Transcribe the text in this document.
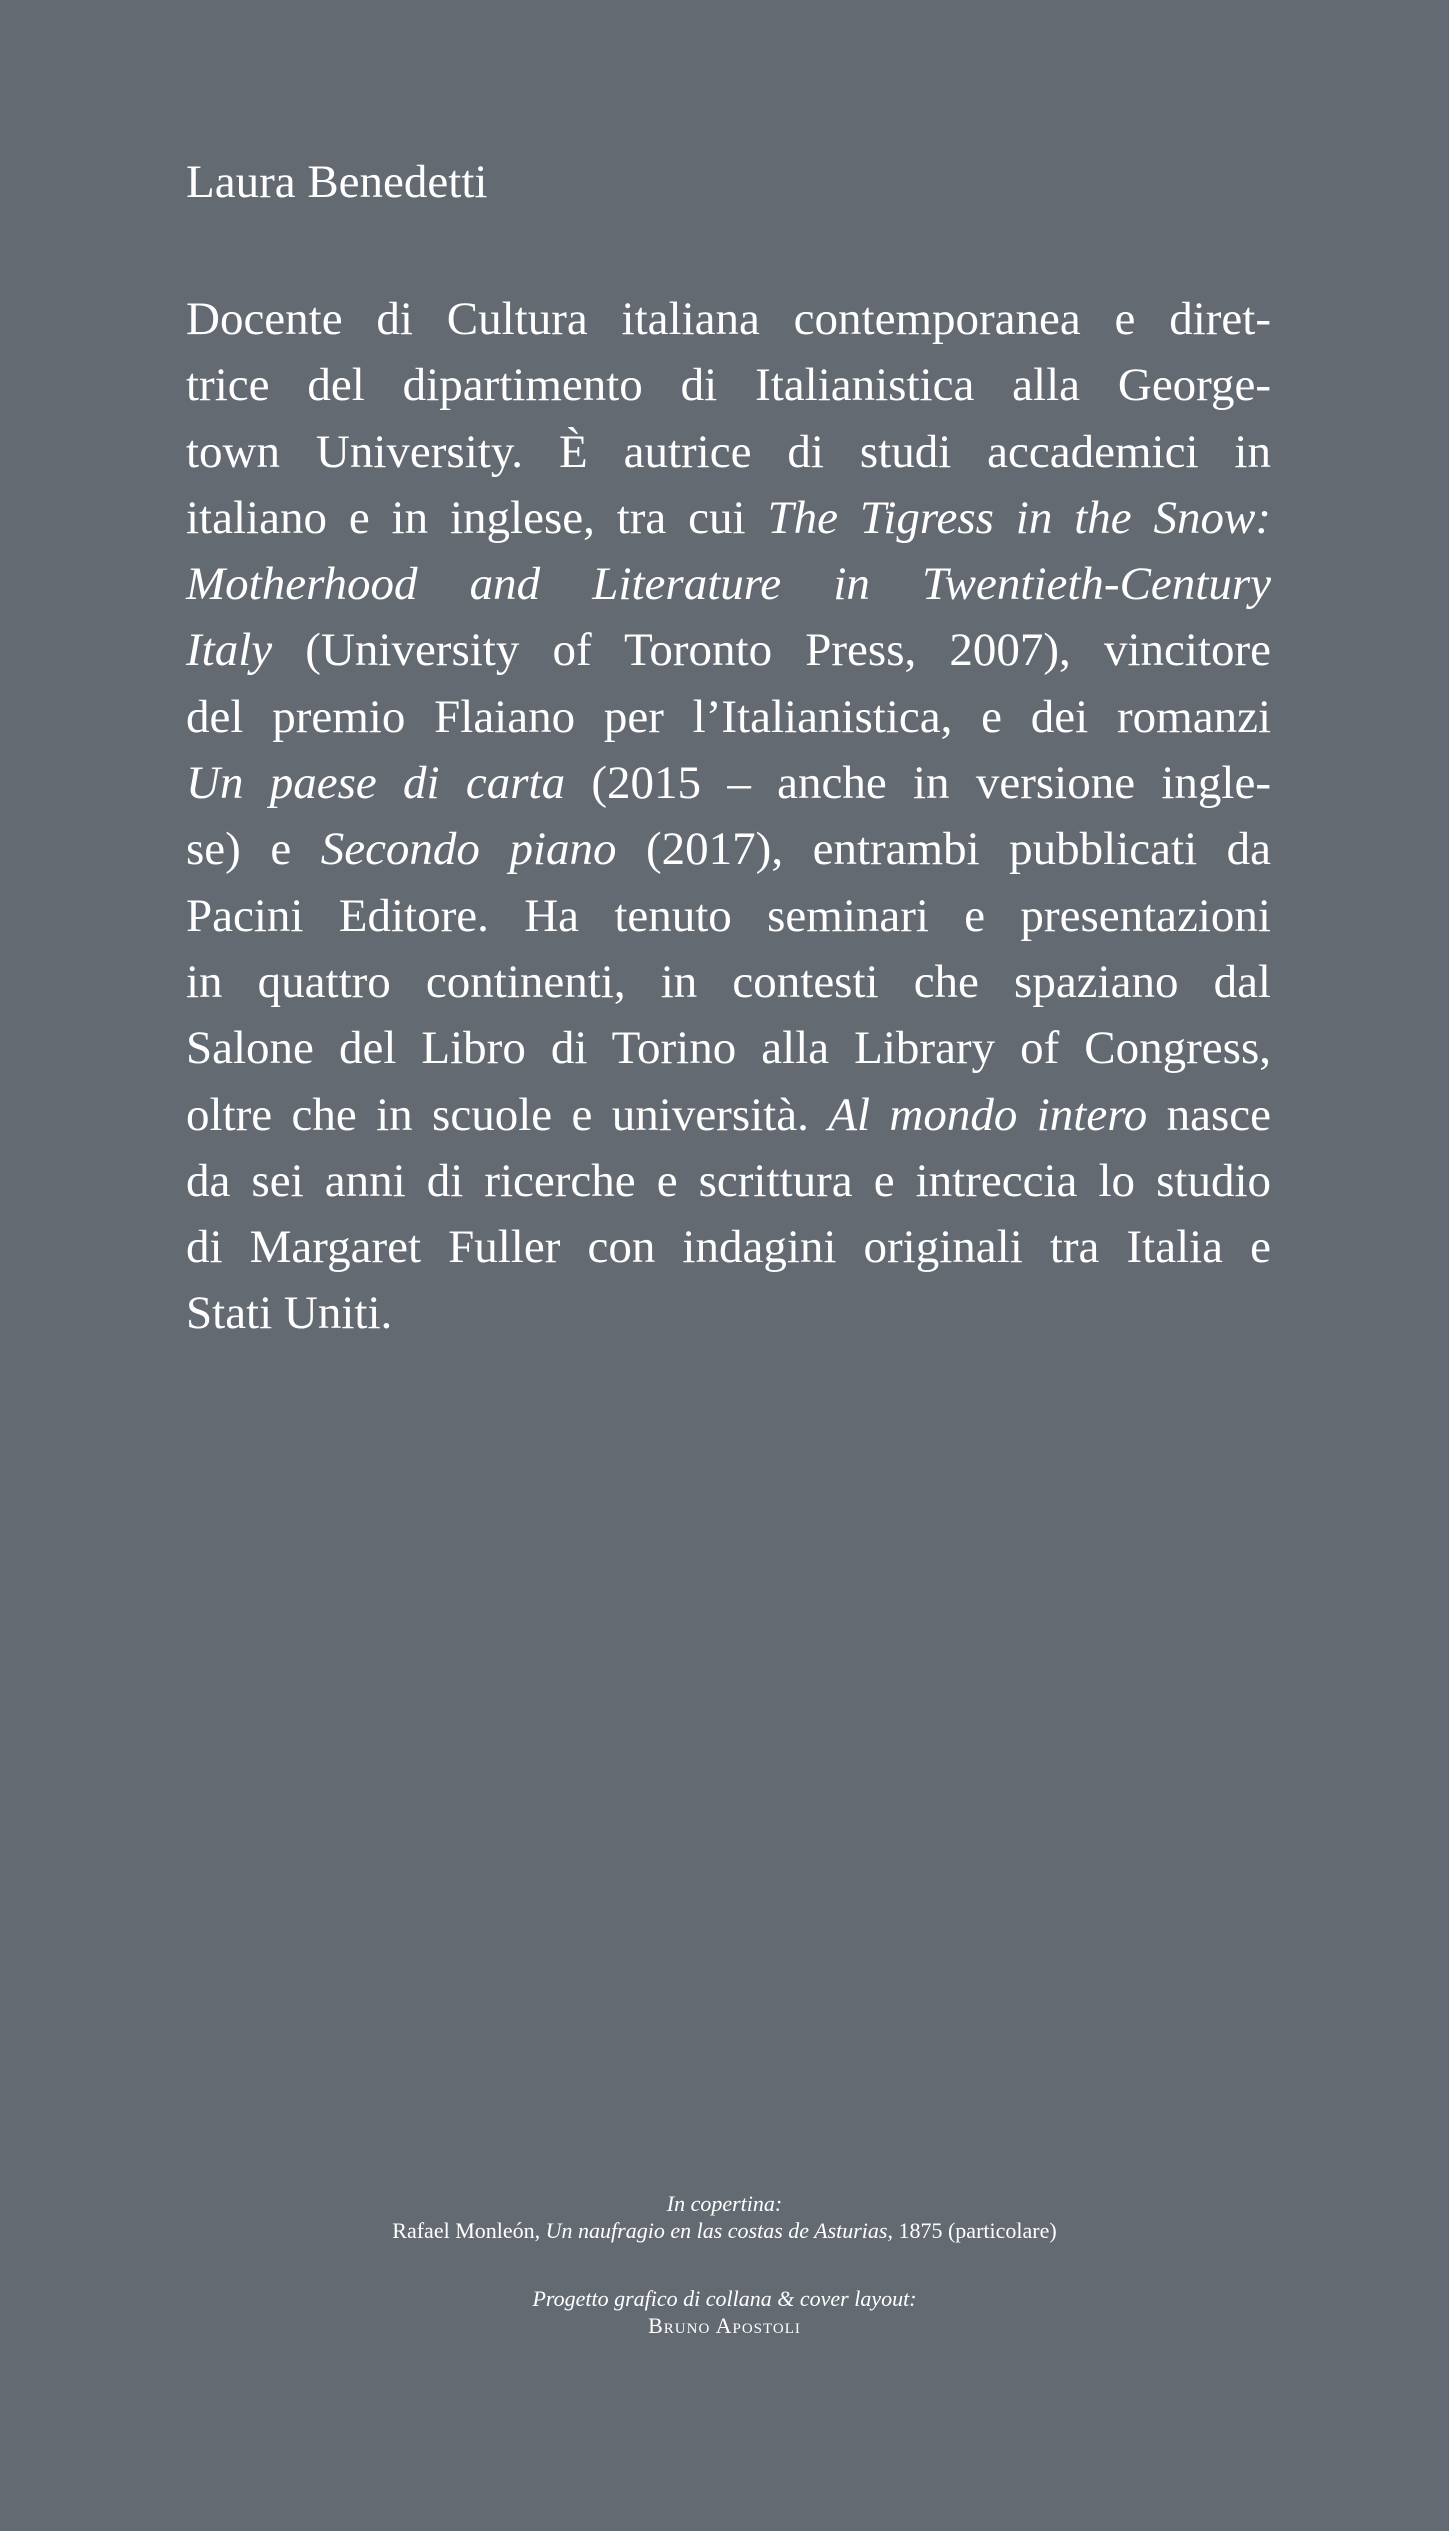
Laura Benedetti
Docente di Cultura italiana contemporanea e diret-
trice del dipartimento di Italianistica alla George-
town University. È autrice di studi accademici in
italiano e in inglese, tra cui The Tigress in the Snow:
Motherhood and Literature in Twentieth-Century
Italy (University of Toronto Press, 2007), vincitore
del premio Flaiano per l’Italianistica, e dei romanzi
Un paese di carta (2015 – anche in versione ingle-
se) e Secondo piano (2017), entrambi pubblicati da
Pacini Editore. Ha tenuto seminari e presentazioni
in quattro continenti, in contesti che spaziano dal
Salone del Libro di Torino alla Library of Congress,
oltre che in scuole e università. Al mondo intero nasce
da sei anni di ricerche e scrittura e intreccia lo studio
di Margaret Fuller con indagini originali tra Italia e
Stati Uniti.
In copertina:
Rafael Monleón, Un naufragio en las costas de Asturias, 1875 (particolare)
Progetto grafico di collana & cover layout:
Bruno Apostoli
